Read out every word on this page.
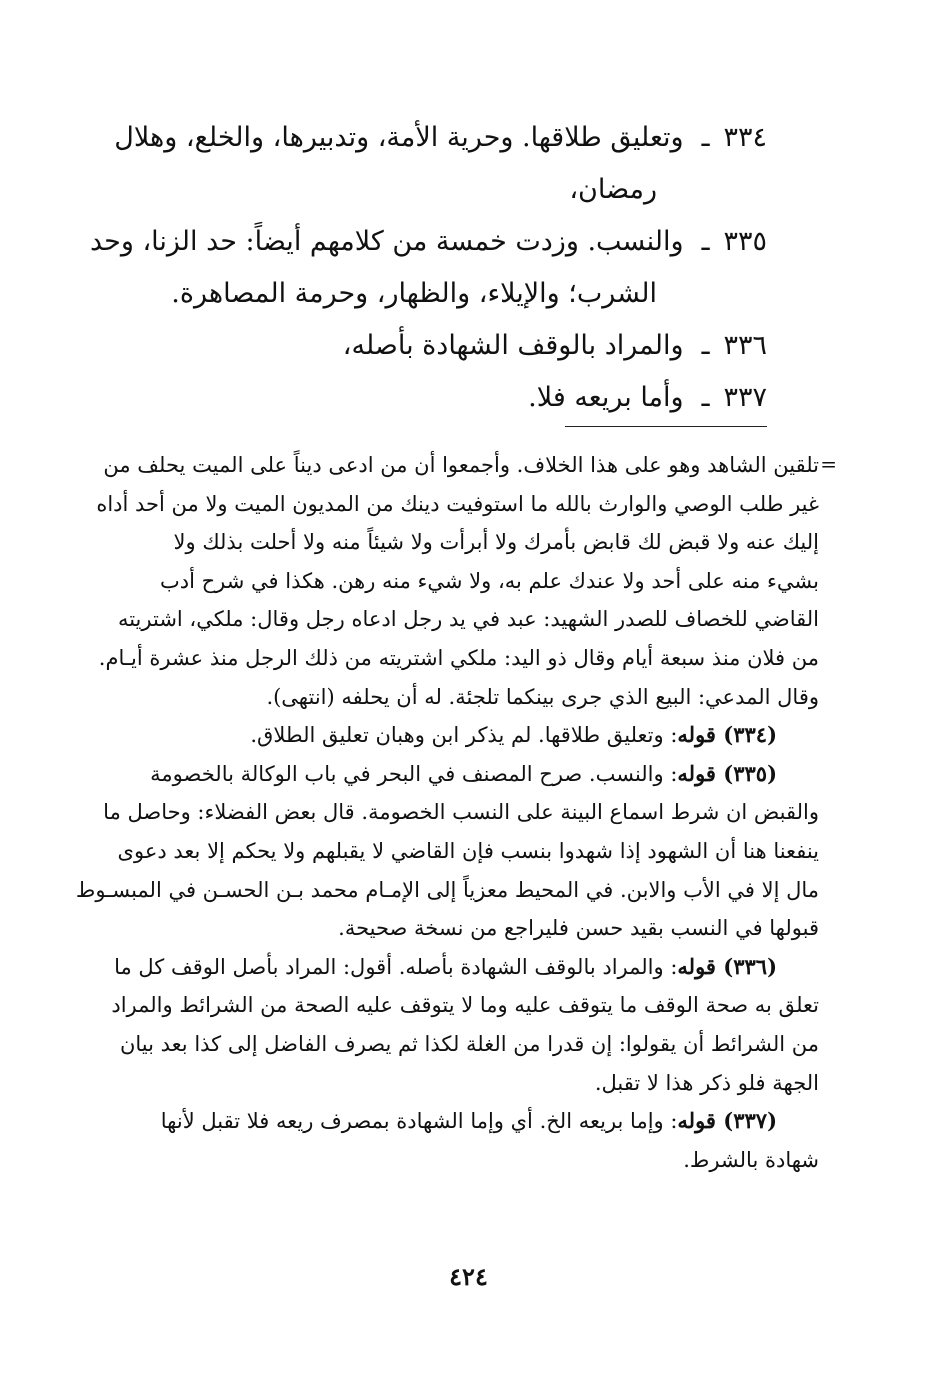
٣٣٤ـوتعليق طلاقها. وحرية الأمة، وتدبيرها، والخلع، وهلال
رمضان،
٣٣٥ـوالنسب. وزدت خمسة من كلامهم أيضاً: حد الزنا، وحد
الشرب؛ والإيلاء، والظهار، وحرمة المصاهرة.
٣٣٦ـوالمراد بالوقف الشهادة بأصله،
٣٣٧ـوأما بريعه فلا.
=
تلقين الشاهد وهو على هذا الخلاف. وأجمعوا أن من ادعى ديناً على الميت يحلف من
غير طلب الوصي والوارث بالله ما استوفيت دينك من المديون الميت ولا من أحد أداه
إليك عنه ولا قبض لك قابض بأمرك ولا أبرأت ولا شيئاً منه ولا أحلت بذلك ولا
بشيء منه على أحد ولا عندك علم به، ولا شيء منه رهن. هكذا في شرح أدب
القاضي للخصاف للصدر الشهيد: عبد في يد رجل ادعاه رجل وقال: ملكي، اشتريته
من فلان منذ سبعة أيام وقال ذو اليد: ملكي اشتريته من ذلك الرجل منذ عشرة أيـام.
وقال المدعي: البيع الذي جرى بينكما تلجئة. له أن يحلفه (انتهى).
(٣٣٤) قوله: وتعليق طلاقها. لم يذكر ابن وهبان تعليق الطلاق.
(٣٣٥) قوله: والنسب. صرح المصنف في البحر في باب الوكالة بالخصومة
والقبض ان شرط اسماع البينة على النسب الخصومة. قال بعض الفضلاء: وحاصل ما
ينفعنا هنا أن الشهود إذا شهدوا بنسب فإن القاضي لا يقبلهم ولا يحكم إلا بعد دعوى
مال إلا في الأب والابن. في المحيط معزياً إلى الإمـام محمد بـن الحسـن في المبسـوط
قبولها في النسب بقيد حسن فليراجع من نسخة صحيحة.
(٣٣٦) قوله: والمراد بالوقف الشهادة بأصله. أقول: المراد بأصل الوقف كل ما
تعلق به صحة الوقف ما يتوقف عليه وما لا يتوقف عليه الصحة من الشرائط والمراد
من الشرائط أن يقولوا: إن قدرا من الغلة لكذا ثم يصرف الفاضل إلى كذا بعد بيان
الجهة فلو ذكر هذا لا تقبل.
(٣٣٧) قوله: وإما بريعه الخ. أي وإما الشهادة بمصرف ريعه فلا تقبل لأنها
شهادة بالشرط.
٤٢٤
